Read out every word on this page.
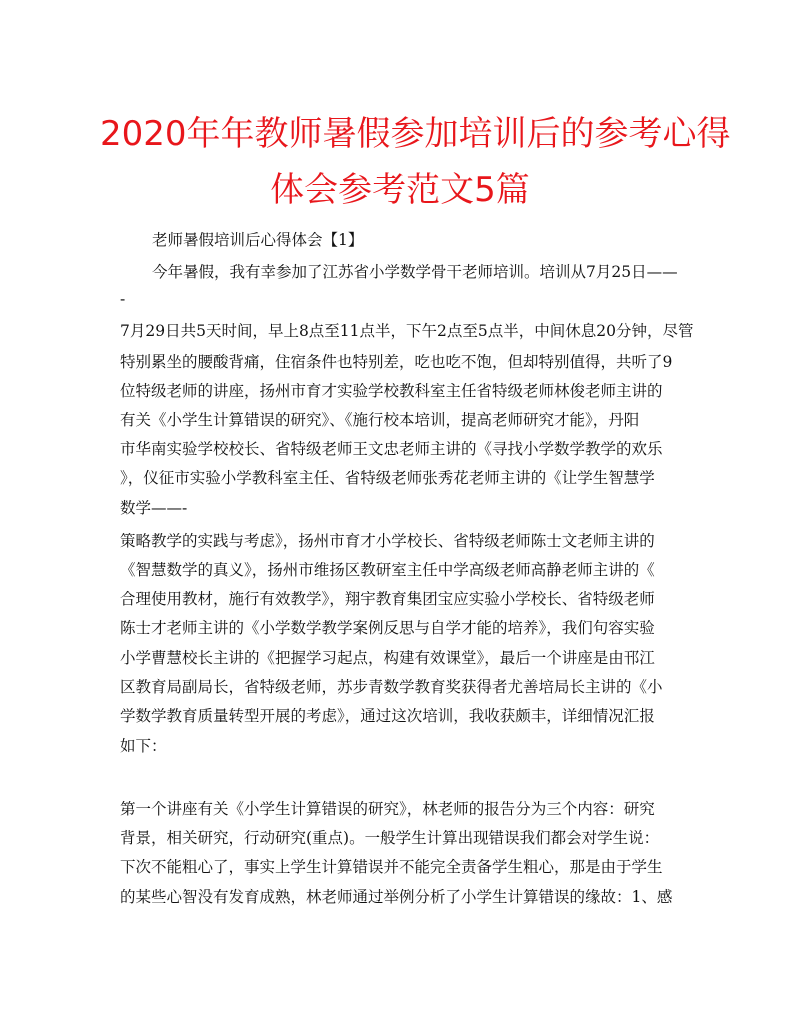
2020年年教师暑假参加培训后的参考心得
体会参考范文5篇
老师暑假培训后心得体会【1】
今年暑假，我有幸参加了江苏省小学数学骨干老师培训。培训从7月25日——
-
7月29日共5天时间，早上8点至11点半，下午2点至5点半，中间休息20分钟，尽管
特别累坐的腰酸背痛，住宿条件也特别差，吃也吃不饱，但却特别值得，共听了9
位特级老师的讲座，扬州市育才实验学校教科室主任省特级老师林俊老师主讲的
有关《小学生计算错误的研究》、《施行校本培训，提高老师研究才能》，丹阳
市华南实验学校校长、省特级老师王文忠老师主讲的《寻找小学数学教学的欢乐
》，仪征市实验小学教科室主任、省特级老师张秀花老师主讲的《让学生智慧学
数学——-
策略教学的实践与考虑》，扬州市育才小学校长、省特级老师陈士文老师主讲的
《智慧数学的真义》，扬州市维扬区教研室主任中学高级老师高静老师主讲的《
合理使用教材，施行有效教学》，翔宇教育集团宝应实验小学校长、省特级老师
陈士才老师主讲的《小学数学教学案例反思与自学才能的培养》，我们句容实验
小学曹慧校长主讲的《把握学习起点，构建有效课堂》，最后一个讲座是由邗江
区教育局副局长，省特级老师，苏步青数学教育奖获得者尤善培局长主讲的《小
学数学教育质量转型开展的考虑》，通过这次培训，我收获颇丰，详细情况汇报
如下：
第一个讲座有关《小学生计算错误的研究》，林老师的报告分为三个内容：研究
背景，相关研究，行动研究(重点)。一般学生计算出现错误我们都会对学生说：
下次不能粗心了，事实上学生计算错误并不能完全责备学生粗心，那是由于学生
的某些心智没有发育成熟，林老师通过举例分析了小学生计算错误的缘故：1、感
